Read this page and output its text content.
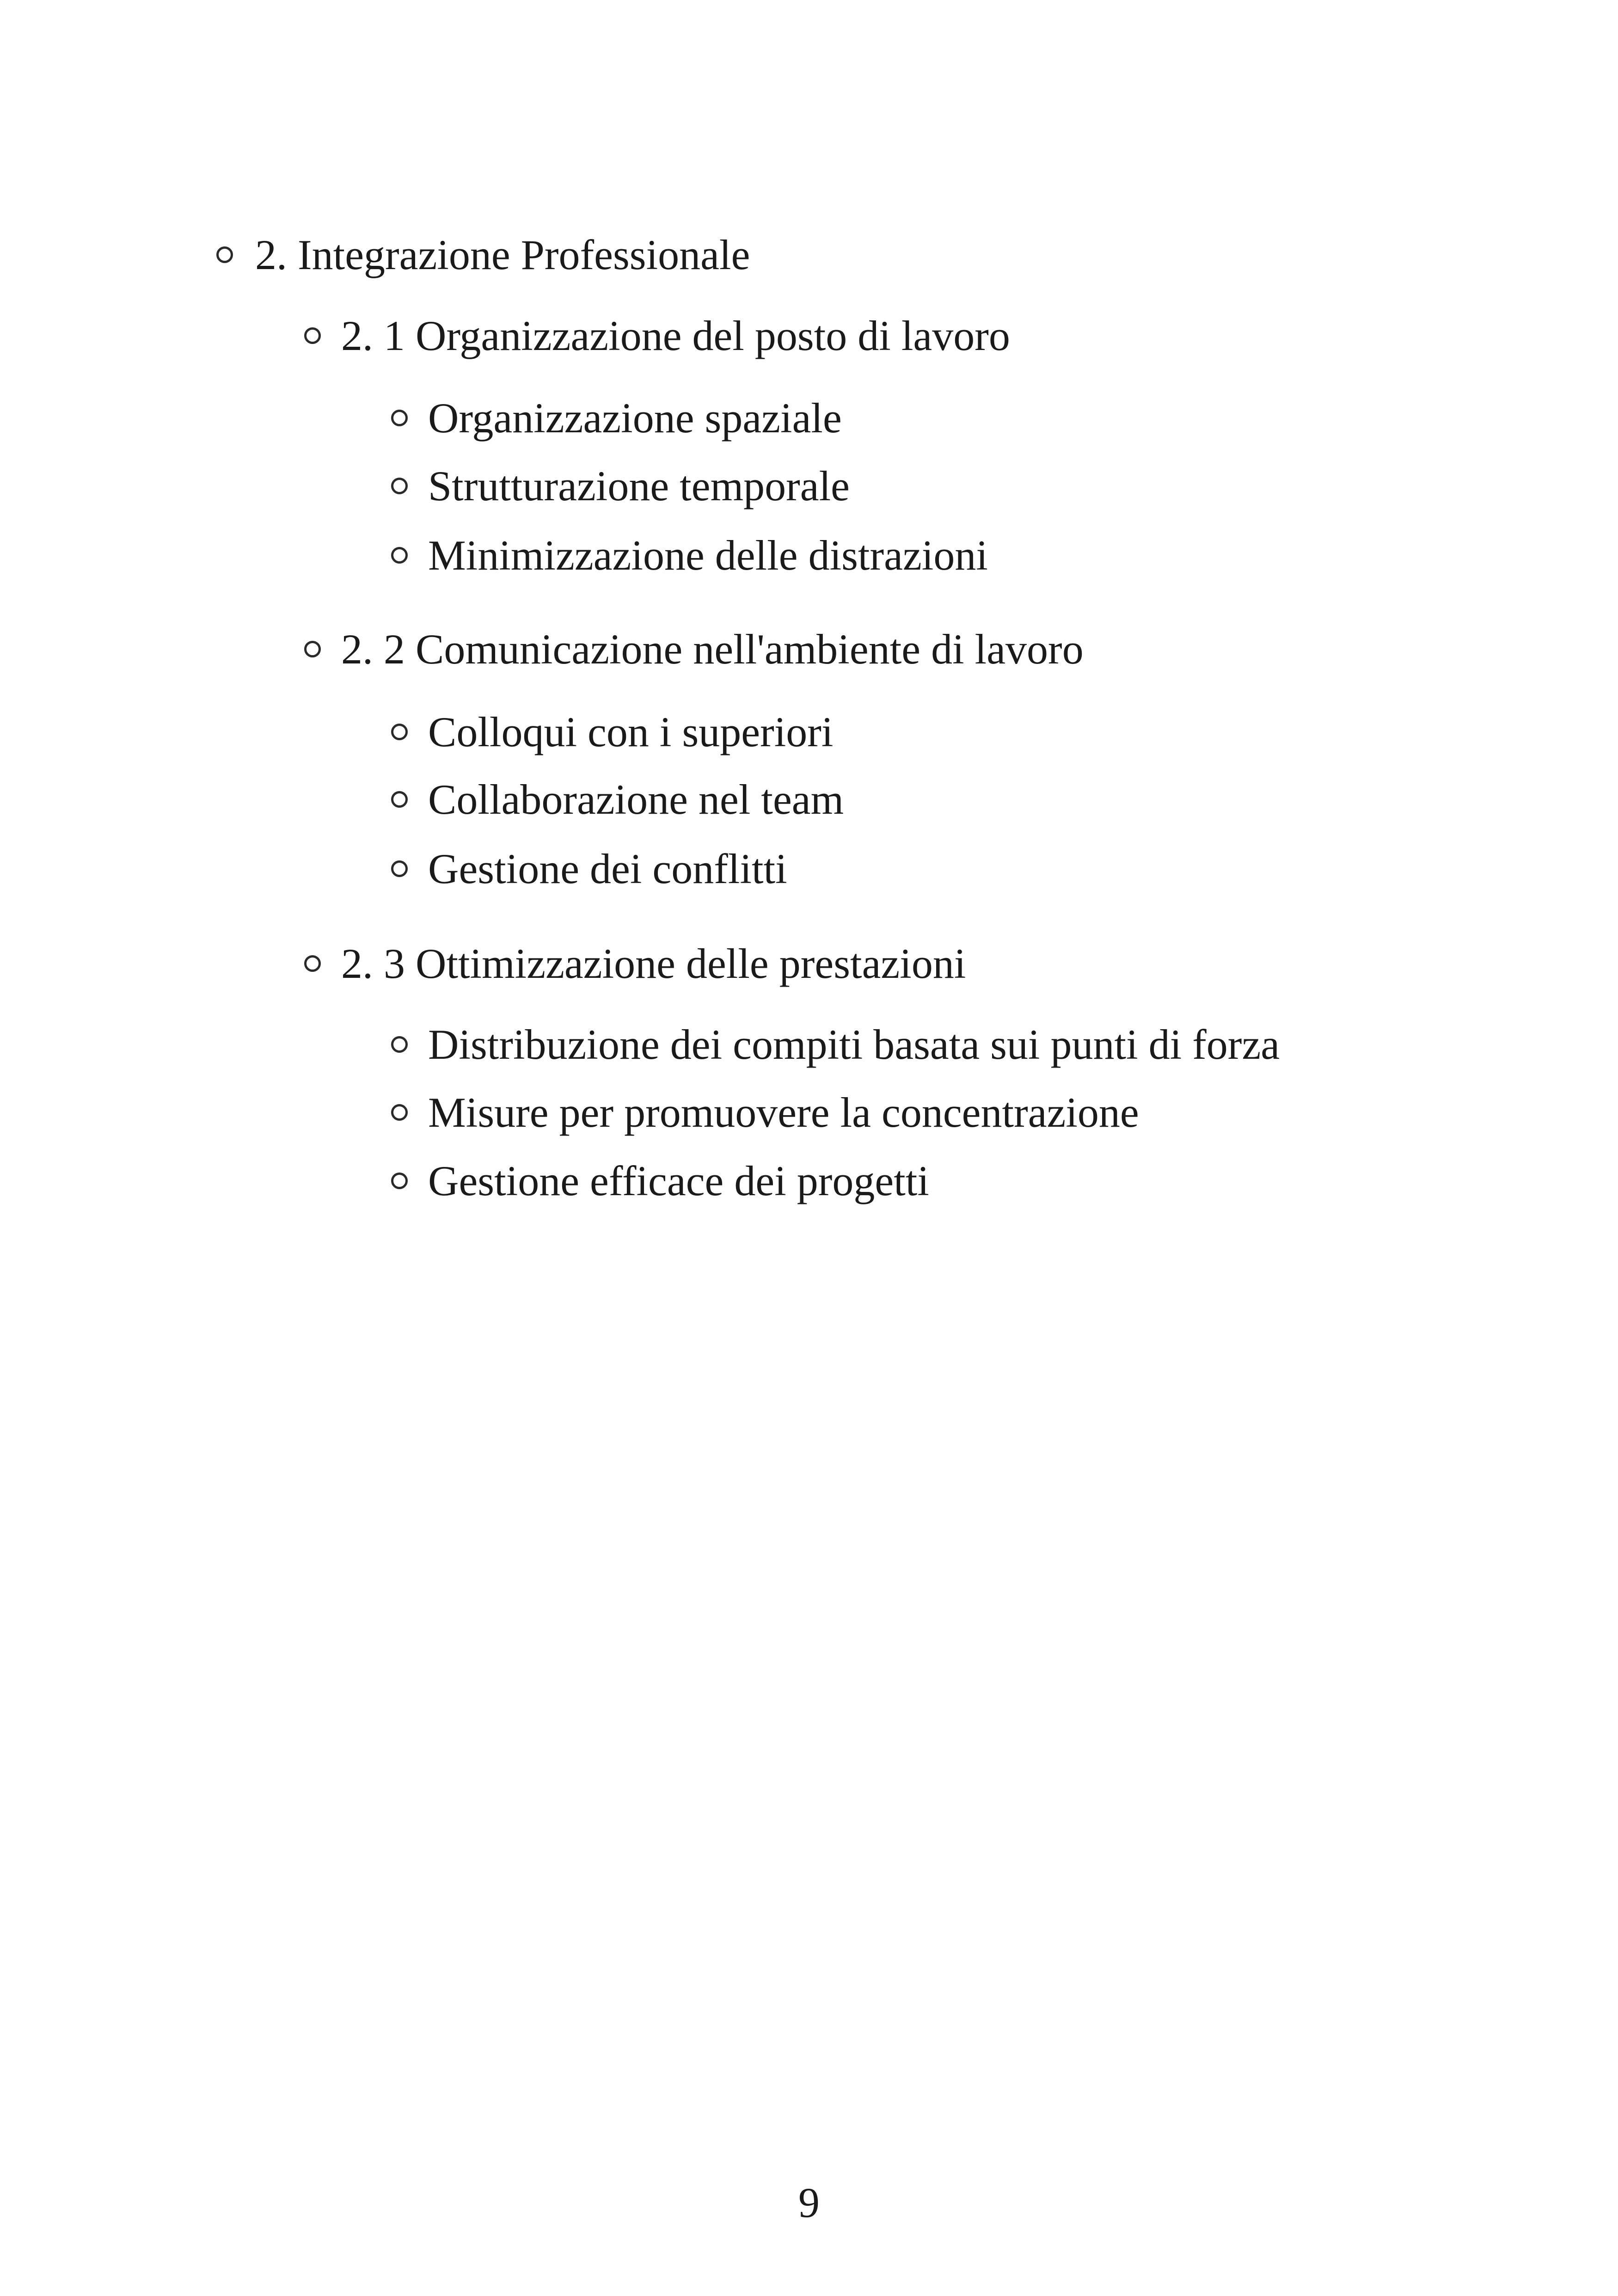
2. Integrazione Professionale
2. 1 Organizzazione del posto di lavoro
Organizzazione spaziale
Strutturazione temporale
Minimizzazione delle distrazioni
2. 2 Comunicazione nell'ambiente di lavoro
Colloqui con i superiori
Collaborazione nel team
Gestione dei conflitti
2. 3 Ottimizzazione delle prestazioni
Distribuzione dei compiti basata sui punti di forza
Misure per promuovere la concentrazione
Gestione efficace dei progetti
9
